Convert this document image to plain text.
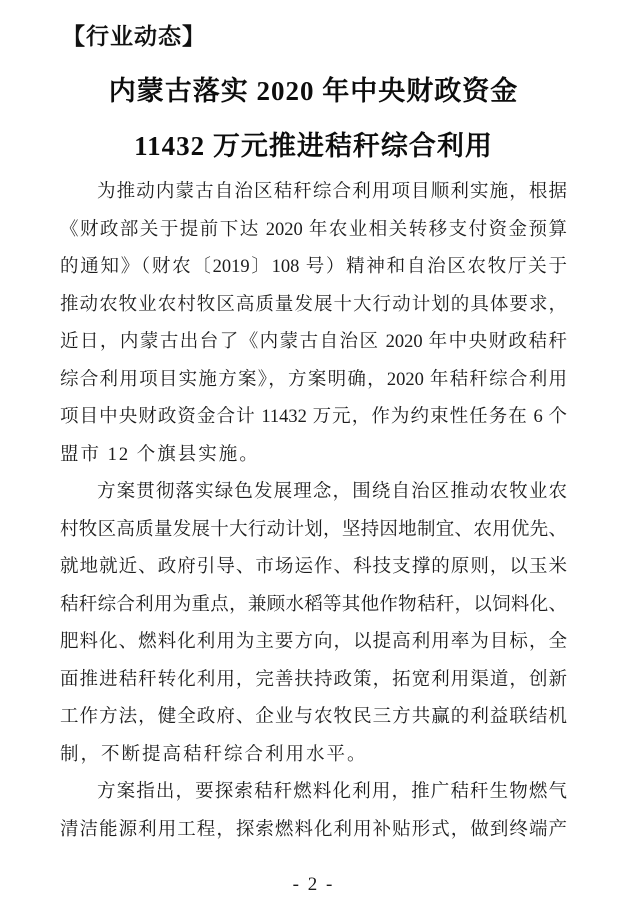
【行业动态】
内蒙古落实 2020 年中央财政资金
11432 万元推进秸秆综合利用
为推动内蒙古自治区秸秆综合利用项目顺利实施，根据
《财政部关于提前下达 2020 年农业相关转移支付资金预算
的通知》（财农〔2019〕108 号）精神和自治区农牧厅关于
推动农牧业农村牧区高质量发展十大行动计划的具体要求，
近日，内蒙古出台了《内蒙古自治区 2020 年中央财政秸秆
综合利用项目实施方案》，方案明确，2020 年秸秆综合利用
项目中央财政资金合计 11432 万元，作为约束性任务在 6 个
盟市 12 个旗县实施。
方案贯彻落实绿色发展理念，围绕自治区推动农牧业农
村牧区高质量发展十大行动计划，坚持因地制宜、农用优先、
就地就近、政府引导、市场运作、科技支撑的原则，以玉米
秸秆综合利用为重点，兼顾水稻等其他作物秸秆，以饲料化、
肥料化、燃料化利用为主要方向，以提高利用率为目标，全
面推进秸秆转化利用，完善扶持政策，拓宽利用渠道，创新
工作方法，健全政府、企业与农牧民三方共赢的利益联结机
制，不断提高秸秆综合利用水平。
方案指出，要探索秸秆燃料化利用，推广秸秆生物燃气
清洁能源利用工程，探索燃料化利用补贴形式，做到终端产
- 2 -
